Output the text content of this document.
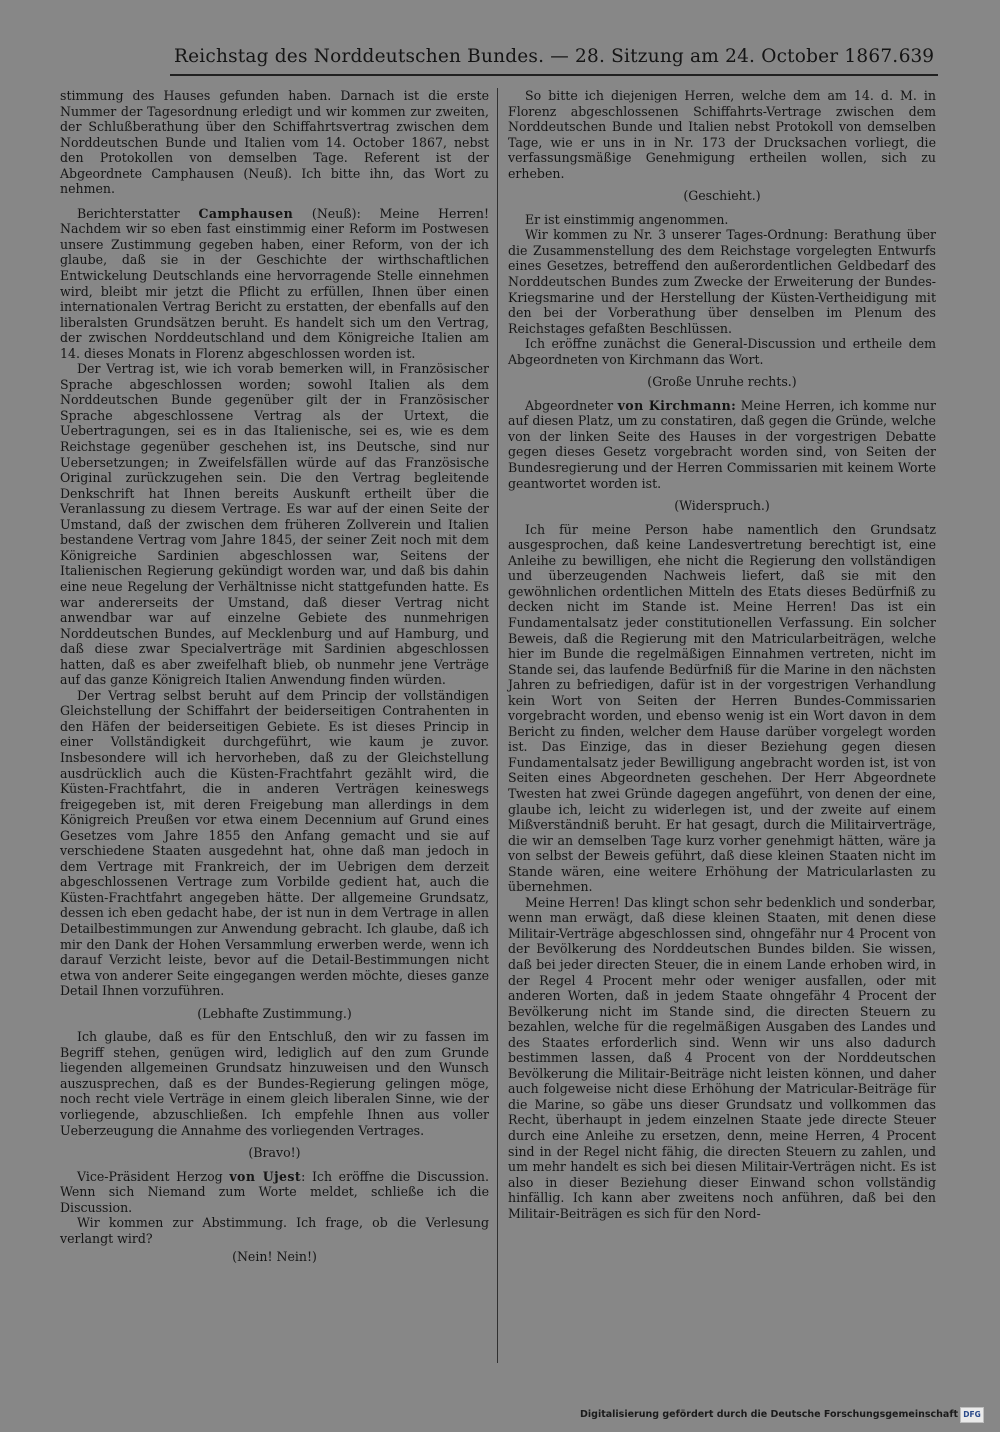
Reichstag des Norddeutschen Bundes. — 28. Sitzung am 24. October 1867. 639

stimmung des Hauses gefunden haben. Darnach ist die erste Nummer der Tagesordnung erledigt und wir kommen zur zweiten, der Schlußberathung über den Schiffahrtsvertrag zwischen dem Norddeutschen Bunde und Italien vom 14. October 1867, nebst den Protokollen von demselben Tage. Referent ist der Abgeordnete Camphausen (Neuß). Ich bitte ihn, das Wort zu nehmen.

Berichterstatter Camphausen (Neuß): Meine Herren! Nachdem wir so eben fast einstimmig einer Reform im Postwesen unsere Zustimmung gegeben haben, einer Reform, von der ich glaube, daß sie in der Geschichte der wirthschaftlichen Entwickelung Deutschlands eine hervorragende Stelle einnehmen wird, bleibt mir jetzt die Pflicht zu erfüllen, Ihnen über einen internationalen Vertrag Bericht zu erstatten, der ebenfalls auf den liberalsten Grundsätzen beruht. Es handelt sich um den Vertrag, der zwischen Norddeutschland und dem Königreiche Italien am 14. dieses Monats in Florenz abgeschlossen worden ist.

Der Vertrag ist, wie ich vorab bemerken will, in Französischer Sprache abgeschlossen worden; sowohl Italien als dem Norddeutschen Bunde gegenüber gilt der in Französischer Sprache abgeschlossene Vertrag als der Urtext, die Uebertragungen, sei es in das Italienische, sei es, wie es dem Reichstage gegenüber geschehen ist, ins Deutsche, sind nur Uebersetzungen; in Zweifelsfällen würde auf das Französische Original zurückzugehen sein. Die den Vertrag begleitende Denkschrift hat Ihnen bereits Auskunft ertheilt über die Veranlassung zu diesem Vertrage. Es war auf der einen Seite der Umstand, daß der zwischen dem früheren Zollverein und Italien bestandene Vertrag vom Jahre 1845, der seiner Zeit noch mit dem Königreiche Sardinien abgeschlossen war, Seitens der Italienischen Regierung gekündigt worden war, und daß bis dahin eine neue Regelung der Verhältnisse nicht stattgefunden hatte. Es war andererseits der Umstand, daß dieser Vertrag nicht anwendbar war auf einzelne Gebiete des nunmehrigen Norddeutschen Bundes, auf Mecklenburg und auf Hamburg, und daß diese zwar Specialverträge mit Sardinien abgeschlossen hatten, daß es aber zweifelhaft blieb, ob nunmehr jene Verträge auf das ganze Königreich Italien Anwendung finden würden.

Der Vertrag selbst beruht auf dem Princip der vollständigen Gleichstellung der Schiffahrt der beiderseitigen Contrahenten in den Häfen der beiderseitigen Gebiete. Es ist dieses Princip in einer Vollständigkeit durchgeführt, wie kaum je zuvor. Insbesondere will ich hervorheben, daß zu der Gleichstellung ausdrücklich auch die Küsten-Frachtfahrt gezählt wird, die Küsten-Frachtfahrt, die in anderen Verträgen keineswegs freigegeben ist, mit deren Freigebung man allerdings in dem Königreich Preußen vor etwa einem Decennium auf Grund eines Gesetzes vom Jahre 1855 den Anfang gemacht und sie auf verschiedene Staaten ausgedehnt hat, ohne daß man jedoch in dem Vertrage mit Frankreich, der im Uebrigen dem derzeit abgeschlossenen Vertrage zum Vorbilde gedient hat, auch die Küsten-Frachtfahrt angegeben hätte. Der allgemeine Grundsatz, dessen ich eben gedacht habe, der ist nun in dem Vertrage in allen Detailbestimmungen zur Anwendung gebracht. Ich glaube, daß ich mir den Dank der Hohen Versammlung erwerben werde, wenn ich darauf Verzicht leiste, bevor auf die Detail-Bestimmungen nicht etwa von anderer Seite eingegangen werden möchte, dieses ganze Detail Ihnen vorzuführen.

(Lebhafte Zustimmung.)

Ich glaube, daß es für den Entschluß, den wir zu fassen im Begriff stehen, genügen wird, lediglich auf den zum Grunde liegenden allgemeinen Grundsatz hinzuweisen und den Wunsch auszusprechen, daß es der Bundes-Regierung gelingen möge, noch recht viele Verträge in einem gleich liberalen Sinne, wie der vorliegende, abzuschließen. Ich empfehle Ihnen aus voller Ueberzeugung die Annahme des vorliegenden Vertrages.

(Bravo!)

Vice-Präsident Herzog von Ujest: Ich eröffne die Discussion. Wenn sich Niemand zum Worte meldet, schließe ich die Discussion.

Wir kommen zur Abstimmung. Ich frage, ob die Verlesung verlangt wird?

(Nein! Nein!)

So bitte ich diejenigen Herren, welche dem am 14. d. M. in Florenz abgeschlossenen Schiffahrts-Vertrage zwischen dem Norddeutschen Bunde und Italien nebst Protokoll von demselben Tage, wie er uns in in Nr. 173 der Drucksachen vorliegt, die verfassungsmäßige Genehmigung ertheilen wollen, sich zu erheben.

(Geschieht.)

Er ist einstimmig angenommen.

Wir kommen zu Nr. 3 unserer Tages-Ordnung: Berathung über die Zusammenstellung des dem Reichstage vorgelegten Entwurfs eines Gesetzes, betreffend den außerordentlichen Geldbedarf des Norddeutschen Bundes zum Zwecke der Erweiterung der Bundes-Kriegsmarine und der Herstellung der Küsten-Vertheidigung mit den bei der Vorberathung über denselben im Plenum des Reichstages gefaßten Beschlüssen.

Ich eröffne zunächst die General-Discussion und ertheile dem Abgeordneten von Kirchmann das Wort.

(Große Unruhe rechts.)

Abgeordneter von Kirchmann: Meine Herren, ich komme nur auf diesen Platz, um zu constatiren, daß gegen die Gründe, welche von der linken Seite des Hauses in der vorgestrigen Debatte gegen dieses Gesetz vorgebracht worden sind, von Seiten der Bundesregierung und der Herren Commissarien mit keinem Worte geantwortet worden ist.

(Widerspruch.)

Ich für meine Person habe namentlich den Grundsatz ausgesprochen, daß keine Landesvertretung berechtigt ist, eine Anleihe zu bewilligen, ehe nicht die Regierung den vollständigen und überzeugenden Nachweis liefert, daß sie mit den gewöhnlichen ordentlichen Mitteln des Etats dieses Bedürfniß zu decken nicht im Stande ist. Meine Herren! Das ist ein Fundamentalsatz jeder constitutionellen Verfassung. Ein solcher Beweis, daß die Regierung mit den Matricularbeiträgen, welche hier im Bunde die regelmäßigen Einnahmen vertreten, nicht im Stande sei, das laufende Bedürfniß für die Marine in den nächsten Jahren zu befriedigen, dafür ist in der vorgestrigen Verhandlung kein Wort von Seiten der Herren Bundes-Commissarien vorgebracht worden, und ebenso wenig ist ein Wort davon in dem Bericht zu finden, welcher dem Hause darüber vorgelegt worden ist. Das Einzige, das in dieser Beziehung gegen diesen Fundamentalsatz jeder Bewilligung angebracht worden ist, ist von Seiten eines Abgeordneten geschehen. Der Herr Abgeordnete Twesten hat zwei Gründe dagegen angeführt, von denen der eine, glaube ich, leicht zu widerlegen ist, und der zweite auf einem Mißverständniß beruht. Er hat gesagt, durch die Militairverträge, die wir an demselben Tage kurz vorher genehmigt hätten, wäre ja von selbst der Beweis geführt, daß diese kleinen Staaten nicht im Stande wären, eine weitere Erhöhung der Matricularlasten zu übernehmen.

Meine Herren! Das klingt schon sehr bedenklich und sonderbar, wenn man erwägt, daß diese kleinen Staaten, mit denen diese Militair-Verträge abgeschlossen sind, ohngefähr nur 4 Procent von der Bevölkerung des Norddeutschen Bundes bilden. Sie wissen, daß bei jeder directen Steuer, die in einem Lande erhoben wird, in der Regel 4 Procent mehr oder weniger ausfallen, oder mit anderen Worten, daß in jedem Staate ohngefähr 4 Procent der Bevölkerung nicht im Stande sind, die directen Steuern zu bezahlen, welche für die regelmäßigen Ausgaben des Landes und des Staates erforderlich sind. Wenn wir uns also dadurch bestimmen lassen, daß 4 Procent von der Norddeutschen Bevölkerung die Militair-Beiträge nicht leisten können, und daher auch folgeweise nicht diese Erhöhung der Matricular-Beiträge für die Marine, so gäbe uns dieser Grundsatz und vollkommen das Recht, überhaupt in jedem einzelnen Staate jede directe Steuer durch eine Anleihe zu ersetzen, denn, meine Herren, 4 Procent sind in der Regel nicht fähig, die directen Steuern zu zahlen, und um mehr handelt es sich bei diesen Militair-Verträgen nicht. Es ist also in dieser Beziehung dieser Einwand schon vollständig hinfällig. Ich kann aber zweitens noch anführen, daß bei den Militair-Beiträgen es sich für den Nord-

Digitalisierung gefördert durch die Deutsche Forschungsgemeinschaft DFG
